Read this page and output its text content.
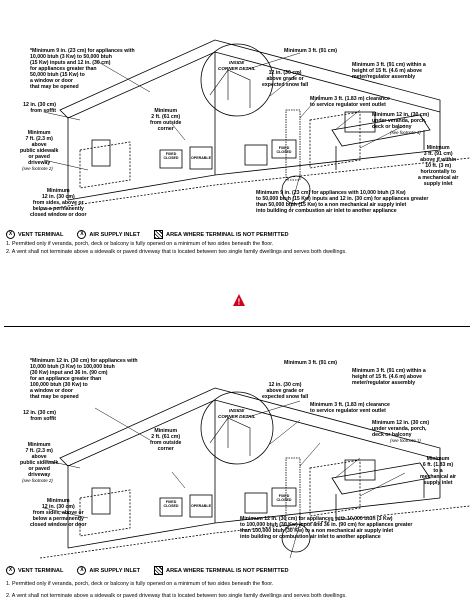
*Minimum 9 in. (23 cm) for appliances with
10,000 btuh (3 Kw) to 50,000 btuh
(15 Kw) inputs and 12 in. (30 cm)
for appliances greater than
50,000 btuh (15 Kw) to
a window or door
that may be opened
INSIDE
CORNER DETAIL
Minimum 3 ft. (91 cm)
12 in. (30 cm)
above grade or
expected snow fall
Minimum 3 ft. (91 cm) within a
height of 15 ft. (4.6 m) above
meter/regulator assembly
12 in. (30 cm)
from soffit	Minimum
2 ft. (61 cm)
from outside
corner
Minimum 3 ft. (1.83 m) clearance
to service regulator vent outlet
Minimum 12 in. (30 cm)
under veranda, porch,
deck or balcony
(see footnote 1)
Minimum
7 ft. (2.3 m)
above
public sidewalk
or paved
driveway
(see footnote 2)
Minimum
3 ft. (91 cm)
above if within
10 ft. (3 m)
horizontally to
a mechanical air
supply inlet
Minimum 9 in. (23 cm) for appliances with 10,000 btuh (3 Kw)
to 50,000 btuh (15 Kw) inputs and 12 in. (30 cm) for appliances greater
than 50,000 btuh (15 Kw) to a non mechanical air supply inlet
into building or combustion air inlet to another appliance
Minimum
12 in. (30 cm)
from sides, above or
below a permanently
closed window or door
FIXED CLOSED	OPERABLE
FIXED CLOSED
X	VENT TERMINAL	X	AIR SUPPLY INLET	AREA WHERE TERMINAL IS NOT PERMITTED
1. Permitted only if veranda, porch, deck or balcony is fully opened on a minimum of two sides beneath the floor.
2. A vent shall not terminate above a sidewalk or paved driveway that is located between two single family dwellings and serves both dwellings.
!
*Minimum 12 in. (30 cm) for appliances with
10,000 btuh (3 Kw) to 100,000 btuh
(30 Kw) input and 36 in. (90 cm)
for an appliance greater than
100,000 btuh (30 Kw) to
a window or door
that may be opened
INSIDE
CORNER DETAIL
Minimum 3 ft. (91 cm)
12 in. (30 cm)
above grade or
expected snow fall
Minimum 3 ft. (91 cm) within a
height of 15 ft. (4.6 m) above
meter/regulator assembly
12 in. (30 cm)
from soffit
Minimum
2 ft. (61 cm)
from outside
corner
Minimum 3 ft. (1.83 m) clearance
to service regulator vent outlet
Minimum 12 in. (30 cm)
under veranda, porch,
deck or balcony
(see footnote 1)
Minimum
7 ft. (2.3 m)
above
public sidewalk
or paved
driveway
(see footnote 2)
Minimum
6 ft. (1.83 m)
to a
mechanical air
supply inlet
Minimum 12 in. (30 cm) for appliances with 10,000 btuh (3 Kw)
to 100,000 btuh (30 Kw) input and 36 in. (90 cm) for appliances greater
than 100,000 btuh (30 Kw) to a non mechanical air supply inlet
into building or combustion air inlet to another appliance
Minimum
12 in. (30 cm)
from sides, above or
below a permanently
closed window or door
FIXED CLOSED	OPERABLE
FIXED CLOSED
X	VENT TERMINAL	X	AIR SUPPLY INLET	AREA WHERE TERMINAL IS NOT PERMITTED
1. Permitted only if veranda, porch, deck or balcony is fully opened on a minimum of two sides beneath the floor.
2. A vent shall not terminate above a sidewalk or paved driveway that is located between two single family dwellings and serves both dwellings.
